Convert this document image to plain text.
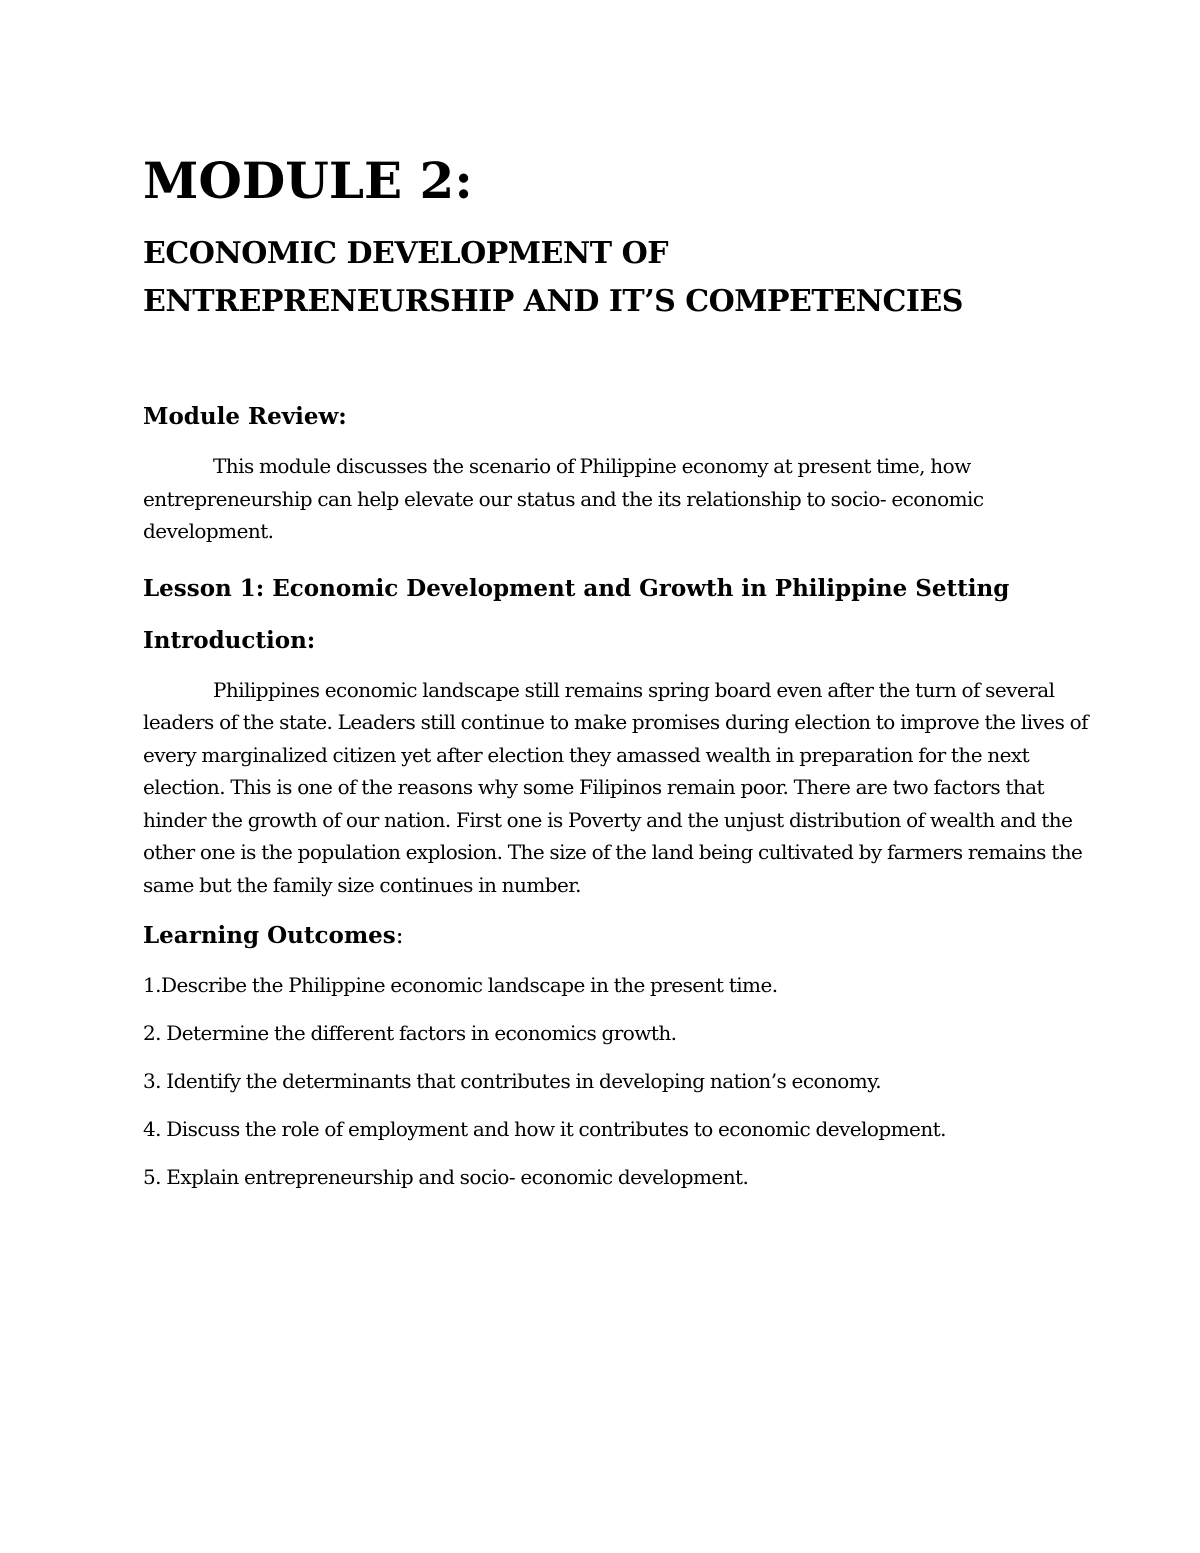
MODULE 2:
ECONOMIC DEVELOPMENT OF
ENTREPRENEURSHIP AND IT’S COMPETENCIES
Module Review:

This module discusses the scenario of Philippine economy at present time, how entrepreneurship can help elevate our status and the its relationship to socio- economic development.

Lesson 1: Economic Development and Growth in Philippine Setting
Introduction:

Philippines economic landscape still remains spring board even after the turn of several leaders of the state. Leaders still continue to make promises during election to improve the lives of every marginalized citizen yet after election they amassed wealth in preparation for the next election. This is one of the reasons why some Filipinos remain poor. There are two factors that hinder the growth of our nation. First one is Poverty and the unjust distribution of wealth and the other one is the population explosion. The size of the land being cultivated by farmers remains the same but the family size continues in number.

Learning Outcomes:
1.Describe the Philippine economic landscape in the present time.
2. Determine the different factors in economics growth.
3. Identify the determinants that contributes in developing nation’s economy.
4. Discuss the role of employment and how it contributes to economic development.
5. Explain entrepreneurship and socio- economic development.
